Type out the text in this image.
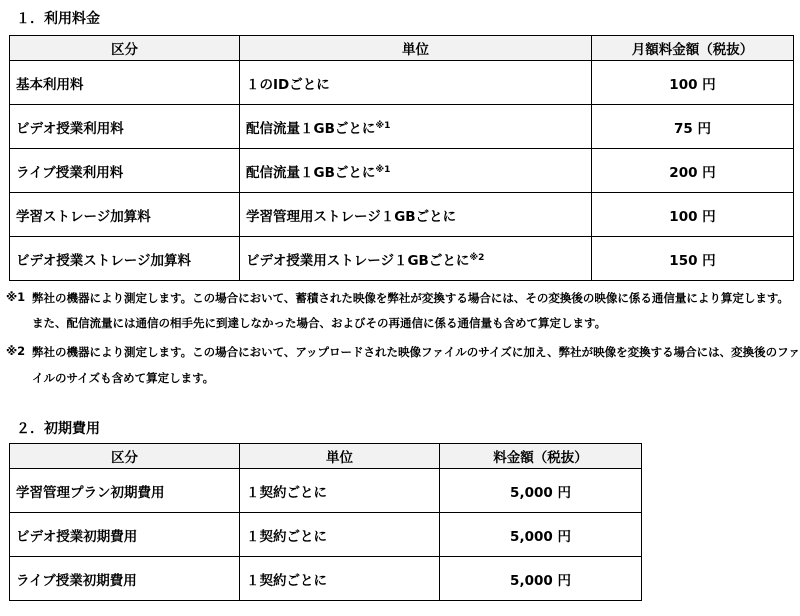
１．利用料金
区分	単位	月額料金額（税抜）
基本利用料	１のIDごとに	100 円
ビデオ授業利用料	配信流量１GBごとに$^{※1}$	75 円
ライブ授業利用料	配信流量１GBごとに$^{※1}$	200 円
学習ストレージ加算料	学習管理用ストレージ１GBごとに	100 円
ビデオ授業ストレージ加算料	ビデオ授業用ストレージ１GBごとに$^{※2}$	150 円
※1 弊社の機器により測定します。この場合において、蓄積された映像を弊社が変換する場合には、その変換後の映像に係る通信量により算定します。
また、配信流量には通信の相手先に到達しなかった場合、およびその再通信に係る通信量も含めて算定します。
※2 弊社の機器により測定します。この場合において、アップロードされた映像ファイルのサイズに加え、弊社が映像を変換する場合には、変換後のファ
イルのサイズも含めて算定します。
２．初期費用
区分	単位	料金額（税抜）
学習管理プラン初期費用	１契約ごとに	5,000 円
ビデオ授業初期費用	１契約ごとに	5,000 円
ライブ授業初期費用	１契約ごとに	5,000 円
